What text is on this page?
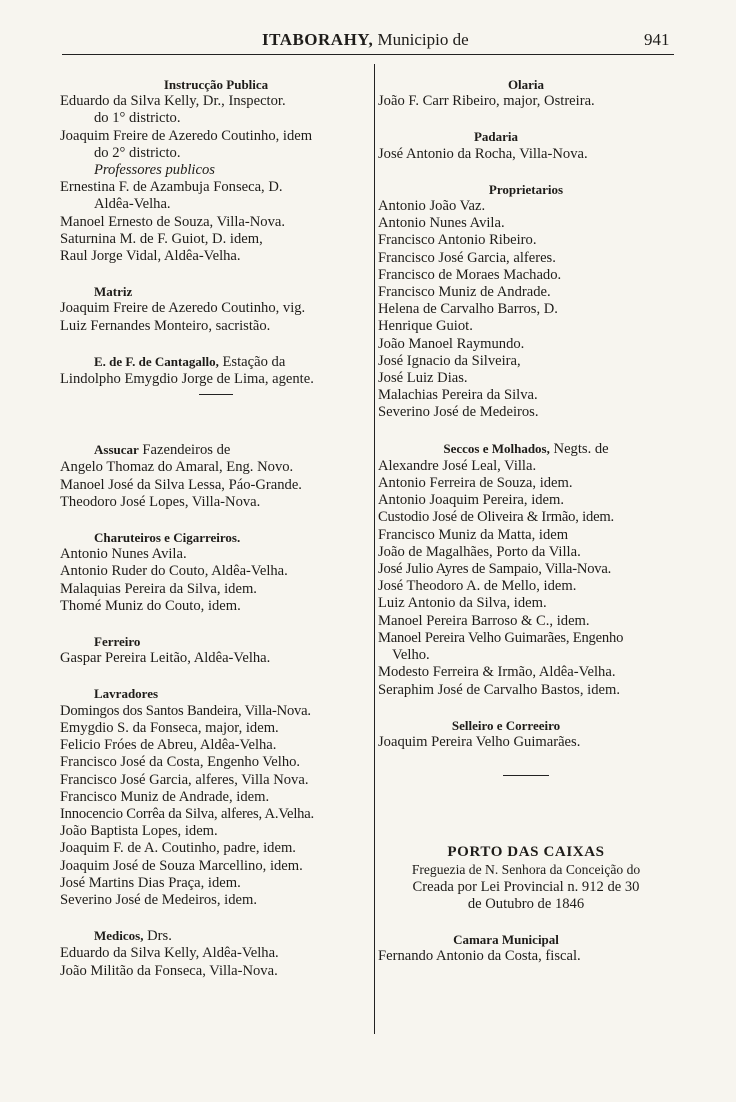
ITABORAHY, Municipio de	941
Instrucção Publica
Eduardo da Silva Kelly, Dr., Inspector.
do 1° districto.
Joaquim Freire de Azeredo Coutinho, idem
do 2° districto.
Professores publicos
Ernestina F. de Azambuja Fonseca, D.
Aldêa-Velha.
Manoel Ernesto de Souza, Villa-Nova.
Saturnina M. de F. Guiot, D. idem,
Raul Jorge Vidal, Aldêa-Velha.
Matriz
Joaquim Freire de Azeredo Coutinho, vig.
Luiz Fernandes Monteiro, sacristão.
E. de F. de Cantagallo, Estação da
Lindolpho Emygdio Jorge de Lima, agente.
Assucar Fazendeiros de
Angelo Thomaz do Amaral, Eng. Novo.
Manoel José da Silva Lessa, Páo-Grande.
Theodoro José Lopes, Villa-Nova.
Charuteiros e Cigarreiros.
Antonio Nunes Avila.
Antonio Ruder do Couto, Aldêa-Velha.
Malaquias Pereira da Silva, idem.
Thomé Muniz do Couto, idem.
Ferreiro
Gaspar Pereira Leitão, Aldêa-Velha.
Lavradores
Domingos dos Santos Bandeira, Villa-Nova.
Emygdio S. da Fonseca, major, idem.
Felicio Fróes de Abreu, Aldêa-Velha.
Francisco José da Costa, Engenho Velho.
Francisco José Garcia, alferes, Villa Nova.
Francisco Muniz de Andrade, idem.
Innocencio Corrêa da Silva, alferes, A.Velha.
João Baptista Lopes, idem.
Joaquim F. de A. Coutinho, padre, idem.
Joaquim José de Souza Marcellino, idem.
José Martins Dias Praça, idem.
Severino José de Medeiros, idem.
Medicos, Drs.
Eduardo da Silva Kelly, Aldêa-Velha.
João Militão da Fonseca, Villa-Nova.
Olaria
João F. Carr Ribeiro, major, Ostreira.
Padaria
José Antonio da Rocha, Villa-Nova.
Proprietarios
Antonio João Vaz.
Antonio Nunes Avila.
Francisco Antonio Ribeiro.
Francisco José Garcia, alferes.
Francisco de Moraes Machado.
Francisco Muniz de Andrade.
Helena de Carvalho Barros, D.
Henrique Guiot.
João Manoel Raymundo.
José Ignacio da Silveira,
José Luiz Dias.
Malachias Pereira da Silva.
Severino José de Medeiros.
Seccos e Molhados, Negts. de
Alexandre José Leal, Villa.
Antonio Ferreira de Souza, idem.
Antonio Joaquim Pereira, idem.
Custodio José de Oliveira & Irmão, idem.
Francisco Muniz da Matta, idem
João de Magalhães, Porto da Villa.
José Julio Ayres de Sampaio, Villa-Nova.
José Theodoro A. de Mello, idem.
Luiz Antonio da Silva, idem.
Manoel Pereira Barroso & C., idem.
Manoel Pereira Velho Guimarães, Engenho
Velho.
Modesto Ferreira & Irmão, Aldêa-Velha.
Seraphim José de Carvalho Bastos, idem.
Selleiro e Correeiro
Joaquim Pereira Velho Guimarães.
PORTO DAS CAIXAS
Freguezia de N. Senhora da Conceição do
Creada por Lei Provincial n. 912 de 30
de Outubro de 1846
Camara Municipal
Fernando Antonio da Costa, fiscal.
